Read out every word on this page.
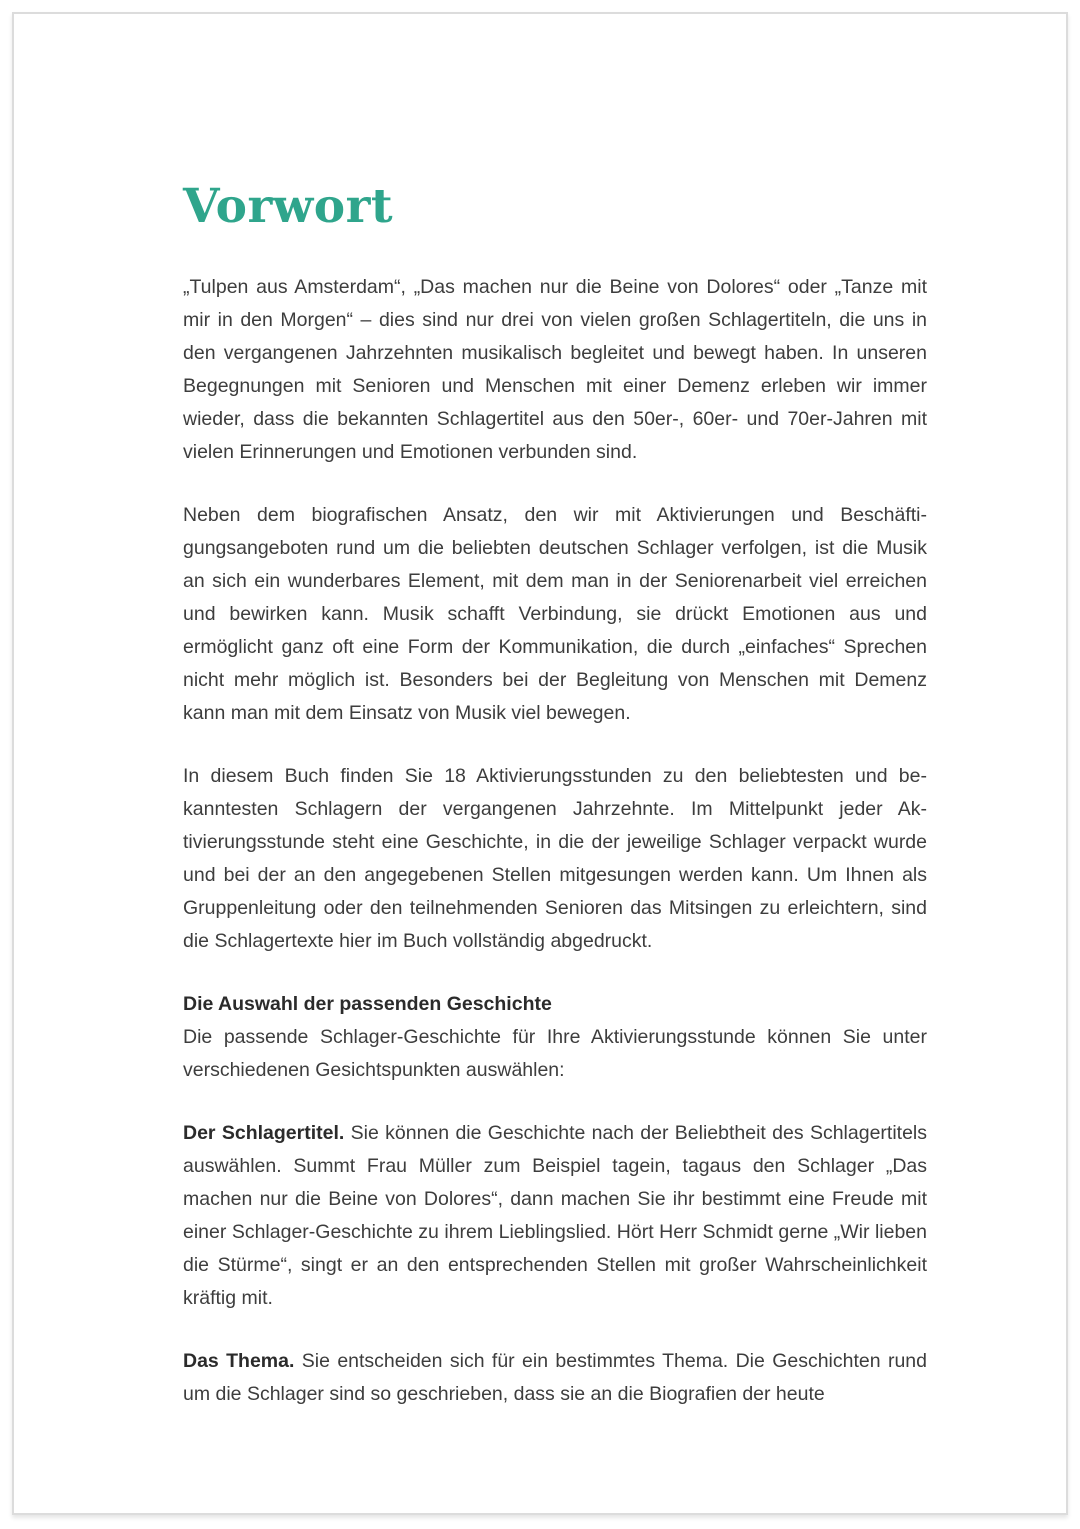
Vorwort

„Tulpen aus Amsterdam“, „Das machen nur die Beine von Dolores“ oder „Tanze mit mir in den Morgen“ – dies sind nur drei von vielen großen Schlagertiteln, die uns in den vergangenen Jahrzehnten musikalisch begleitet und bewegt haben. In unseren Begegnungen mit Senioren und Menschen mit einer Demenz erleben wir immer wieder, dass die bekannten Schlagertitel aus den 50er-, 60er- und 70er-Jahren mit vielen Erinnerungen und Emotionen verbunden sind.

Neben dem biografischen Ansatz, den wir mit Aktivierungen und Beschäftigungsangeboten rund um die beliebten deutschen Schlager verfolgen, ist die Musik an sich ein wunderbares Element, mit dem man in der Seniorenarbeit viel erreichen und bewirken kann. Musik schafft Verbindung, sie drückt Emotionen aus und ermöglicht ganz oft eine Form der Kommunikation, die durch „einfaches“ Sprechen nicht mehr möglich ist. Besonders bei der Begleitung von Menschen mit Demenz kann man mit dem Einsatz von Musik viel bewegen.

In diesem Buch finden Sie 18 Aktivierungsstunden zu den beliebtesten und bekanntesten Schlagern der vergangenen Jahrzehnte. Im Mittelpunkt jeder Aktivierungsstunde steht eine Geschichte, in die der jeweilige Schlager verpackt wurde und bei der an den angegebenen Stellen mitgesungen werden kann. Um Ihnen als Gruppenleitung oder den teilnehmenden Senioren das Mitsingen zu erleichtern, sind die Schlagertexte hier im Buch vollständig abgedruckt.

Die Auswahl der passenden Geschichte

Die passende Schlager-Geschichte für Ihre Aktivierungsstunde können Sie unter verschiedenen Gesichtspunkten auswählen:

Der Schlagertitel. Sie können die Geschichte nach der Beliebtheit des Schlagertitels auswählen. Summt Frau Müller zum Beispiel tagein, tagaus den Schlager „Das machen nur die Beine von Dolores“, dann machen Sie ihr bestimmt eine Freude mit einer Schlager-Geschichte zu ihrem Lieblingslied. Hört Herr Schmidt gerne „Wir lieben die Stürme“, singt er an den entsprechenden Stellen mit großer Wahrscheinlichkeit kräftig mit.

Das Thema. Sie entscheiden sich für ein bestimmtes Thema. Die Geschichten rund um die Schlager sind so geschrieben, dass sie an die Biografien der heute
